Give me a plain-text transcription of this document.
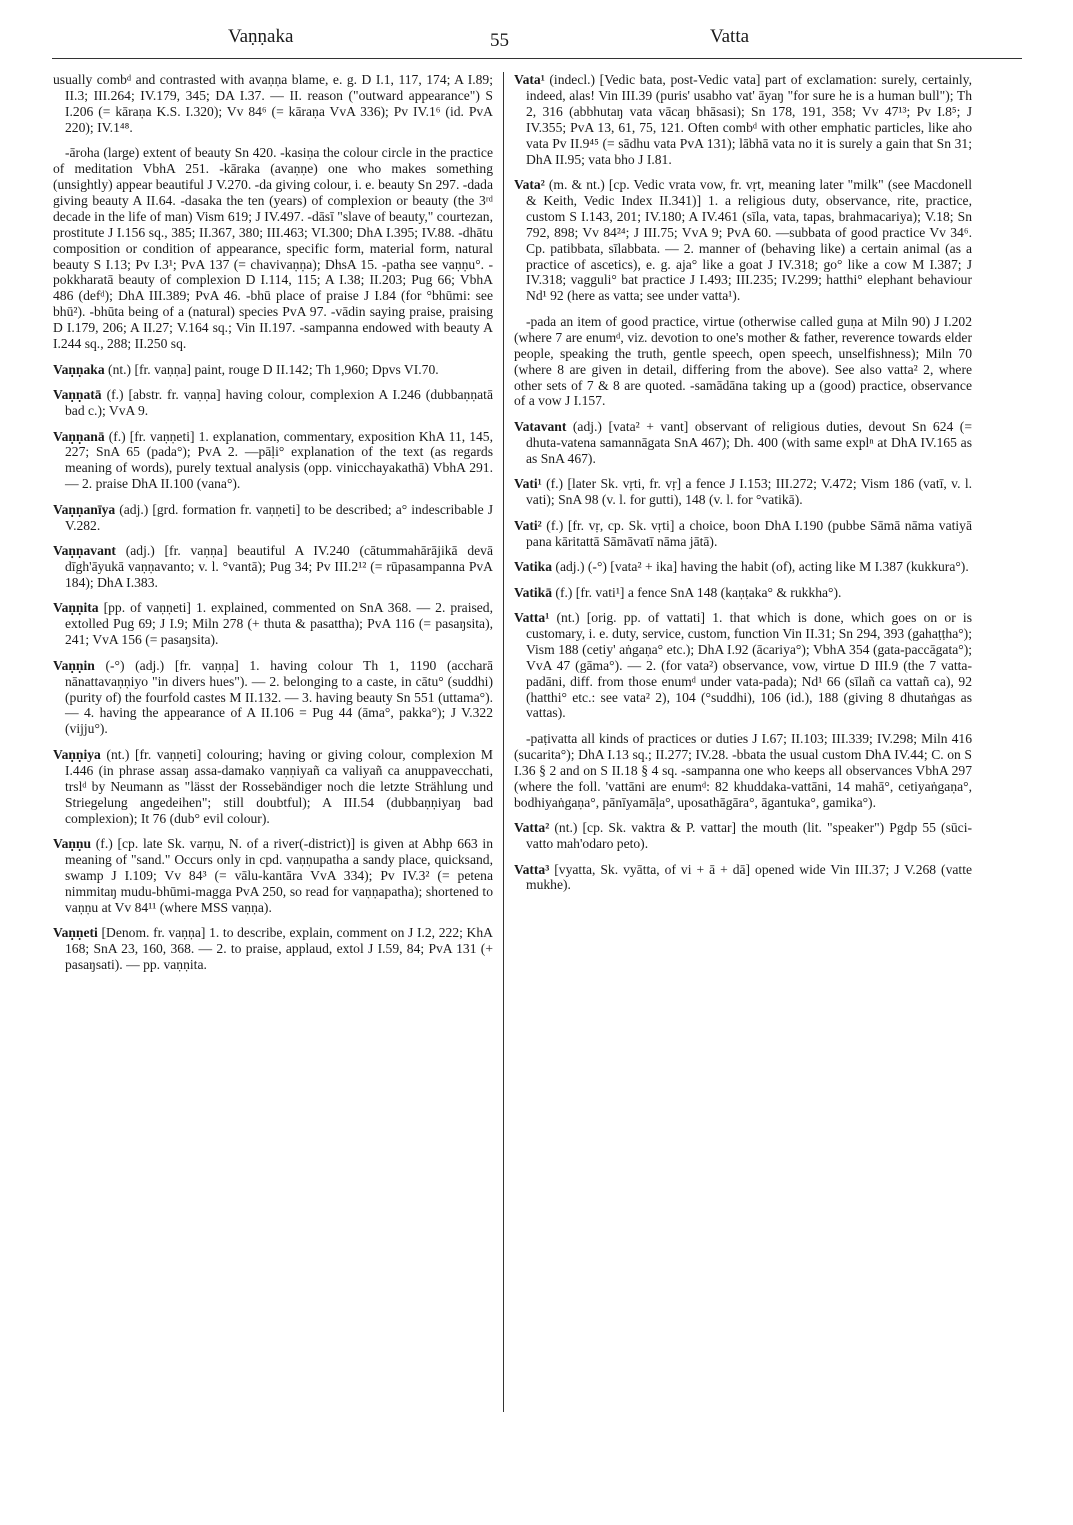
Vaṇṇaka	55	Vatta

usually combᵈ and contrasted with avaṇṇa blame, e. g. D I.1, 117, 174; A I.89; II.3; III.264; IV.179, 345; DA I.37. — II. reason ("outward appearance") S I.206 (= kāraṇa K.S. I.320); Vv 84⁶ (= kāraṇa VvA 336); Pv IV.1⁶ (id. PvA 220); IV.1⁴⁸.

-āroha (large) extent of beauty Sn 420. -kasiṇa the colour circle in the practice of meditation VbhA 251. -kāraka (avaṇṇe) one who makes something (unsightly) appear beautiful J V.270. -da giving colour, i. e. beauty Sn 297. -dada giving beauty A II.64. -dasaka the ten (years) of complexion or beauty (the 3ʳᵈ decade in the life of man) Vism 619; J IV.497. -dāsī "slave of beauty," courtezan, prostitute J I.156 sq., 385; II.367, 380; III.463; VI.300; DhA I.395; IV.88. -dhātu composition or condition of appearance, specific form, material form, natural beauty S I.13; Pv I.3¹; PvA 137 (= chavivaṇṇa); DhsA 15. -patha see vaṇṇu°. -pokkharatā beauty of complexion D I.114, 115; A I.38; II.203; Pug 66; VbhA 486 (defᵈ); DhA III.389; PvA 46. -bhū place of praise J I.84 (for °bhūmi: see bhū²). -bhūta being of a (natural) species PvA 97. -vādin saying praise, praising D I.179, 206; A II.27; V.164 sq.; Vin II.197. -sampanna endowed with beauty A I.244 sq., 288; II.250 sq.

Vaṇṇaka (nt.) [fr. vaṇṇa] paint, rouge D II.142; Th 1,960; Dpvs VI.70.

Vaṇṇatā (f.) [abstr. fr. vaṇṇa] having colour, complexion A I.246 (dubbaṇṇatā bad c.); VvA 9.

Vaṇṇanā (f.) [fr. vaṇṇeti] 1. explanation, commentary, exposition KhA 11, 145, 227; SnA 65 (pada°); PvA 2. —pāḷi° explanation of the text (as regards meaning of words), purely textual analysis (opp. vinicchayakathā) VbhA 291. — 2. praise DhA II.100 (vana°).

Vaṇṇanīya (adj.) [grd. formation fr. vaṇṇeti] to be described; a° indescribable J V.282.

Vaṇṇavant (adj.) [fr. vaṇṇa] beautiful A IV.240 (cātummahārājikā devā dīgh'āyukā vaṇṇavanto; v. l. °vantā); Pug 34; Pv III.2¹² (= rūpasampanna PvA 184); DhA I.383.

Vaṇṇita [pp. of vaṇṇeti] 1. explained, commented on SnA 368. — 2. praised, extolled Pug 69; J I.9; Miln 278 (+ thuta & pasattha); PvA 116 (= pasaŋsita), 241; VvA 156 (= pasaŋsita).

Vaṇṇin (-°) (adj.) [fr. vaṇṇa] 1. having colour Th 1, 1190 (accharā nānattavaṇṇiyo "in divers hues"). — 2. belonging to a caste, in cātu° (suddhi) (purity of) the fourfold castes M II.132. — 3. having beauty Sn 551 (uttama°). — 4. having the appearance of A II.106 = Pug 44 (āma°, pakka°); J V.322 (vijju°).

Vaṇṇiya (nt.) [fr. vaṇṇeti] colouring; having or giving colour, complexion M I.446 (in phrase assaŋ assa-damako vaṇṇiyañ ca valiyañ ca anuppavecchati, trslᵈ by Neumann as "lässt der Rossebändiger noch die letzte Strählung und Striegelung angedeihen"; still doubtful); A III.54 (dubbaṇṇiyaŋ bad complexion); It 76 (dub° evil colour).

Vaṇṇu (f.) [cp. late Sk. varṇu, N. of a river(-district)] is given at Abhp 663 in meaning of "sand." Occurs only in cpd. vaṇṇupatha a sandy place, quicksand, swamp J I.109; Vv 84³ (= vālu-kantāra VvA 334); Pv IV.3² (= petena nimmitaŋ mudu-bhūmi-magga PvA 250, so read for vaṇṇapatha); shortened to vaṇṇu at Vv 84¹¹ (where MSS vaṇṇa).

Vaṇṇeti [Denom. fr. vaṇṇa] 1. to describe, explain, comment on J I.2, 222; KhA 168; SnA 23, 160, 368. — 2. to praise, applaud, extol J I.59, 84; PvA 131 (+ pasaŋsati). — pp. vaṇṇita.

Vata¹ (indecl.) [Vedic bata, post-Vedic vata] part of exclamation: surely, certainly, indeed, alas! Vin III.39 (puris' usabho vat' āyaŋ "for sure he is a human bull"); Th 2, 316 (abbhutaŋ vata vācaŋ bhāsasi); Sn 178, 191, 358; Vv 47¹³; Pv I.8⁵; J IV.355; PvA 13, 61, 75, 121. Often combᵈ with other emphatic particles, like aho vata Pv II.9⁴⁵ (= sādhu vata PvA 131); lābhā vata no it is surely a gain that Sn 31; DhA II.95; vata bho J I.81.

Vata² (m. & nt.) [cp. Vedic vrata vow, fr. vṛt, meaning later "milk" (see Macdonell & Keith, Vedic Index II.341)] 1. a religious duty, observance, rite, practice, custom S I.143, 201; IV.180; A IV.461 (sīla, vata, tapas, brahmacariya); V.18; Sn 792, 898; Vv 84²⁴; J III.75; VvA 9; PvA 60. —subbata of good practice Vv 34⁶. Cp. patibbata, sīlabbata. — 2. manner of (behaving like) a certain animal (as a practice of ascetics), e. g. aja° like a goat J IV.318; go° like a cow M I.387; J IV.318; vagguli° bat practice J I.493; III.235; IV.299; hatthi° elephant behaviour Nd¹ 92 (here as vatta; see under vatta¹).

-pada an item of good practice, virtue (otherwise called guṇa at Miln 90) J I.202 (where 7 are enumᵈ, viz. devotion to one's mother & father, reverence towards elder people, speaking the truth, gentle speech, open speech, unselfishness); Miln 70 (where 8 are given in detail, differing from the above). See also vatta² 2, where other sets of 7 & 8 are quoted. -samādāna taking up a (good) practice, observance of a vow J I.157.

Vatavant (adj.) [vata² + vant] observant of religious duties, devout Sn 624 (= dhuta-vatena samannāgata SnA 467); Dh. 400 (with same explⁿ at DhA IV.165 as as SnA 467).

Vati¹ (f.) [later Sk. vṛti, fr. vṛ] a fence J I.153; III.272; V.472; Vism 186 (vatī, v. l. vati); SnA 98 (v. l. for gutti), 148 (v. l. for °vatikā).

Vati² (f.) [fr. vṛ, cp. Sk. vṛti] a choice, boon DhA I.190 (pubbe Sāmā nāma vatiyā pana kāritattā Sāmāvatī nāma jātā).

Vatika (adj.) (-°) [vata² + ika] having the habit (of), acting like M I.387 (kukkura°).

Vatikā (f.) [fr. vati¹] a fence SnA 148 (kaṇṭaka° & rukkha°).

Vatta¹ (nt.) [orig. pp. of vattati] 1. that which is done, which goes on or is customary, i. e. duty, service, custom, function Vin II.31; Sn 294, 393 (gahaṭṭha°); Vism 188 (cetiy' aṅgaṇa° etc.); DhA I.92 (ācariya°); VbhA 354 (gata-paccāgata°); VvA 47 (gāma°). — 2. (for vata²) observance, vow, virtue D III.9 (the 7 vatta-padāni, diff. from those enumᵈ under vata-pada); Nd¹ 66 (sīlañ ca vattañ ca), 92 (hatthi° etc.: see vata² 2), 104 (°suddhi), 106 (id.), 188 (giving 8 dhutaṅgas as vattas).

-paṭivatta all kinds of practices or duties J I.67; II.103; III.339; IV.298; Miln 416 (sucarita°); DhA I.13 sq.; II.277; IV.28. -bbata the usual custom DhA IV.44; C. on S I.36 § 2 and on S II.18 § 4 sq. -sampanna one who keeps all observances VbhA 297 (where the foll. 'vattāni are enumᵈ: 82 khuddaka-vattāni, 14 mahā°, cetiyaṅgaṇa°, bodhiyaṅgaṇa°, pānīyamāḷa°, uposathāgāra°, āgantuka°, gamika°).

Vatta² (nt.) [cp. Sk. vaktra & P. vattar] the mouth (lit. "speaker") Pgdp 55 (sūci-vatto mah'odaro peto).

Vatta³ [vyatta, Sk. vyātta, of vi + ā + dā] opened wide Vin III.37; J V.268 (vatte mukhe).
